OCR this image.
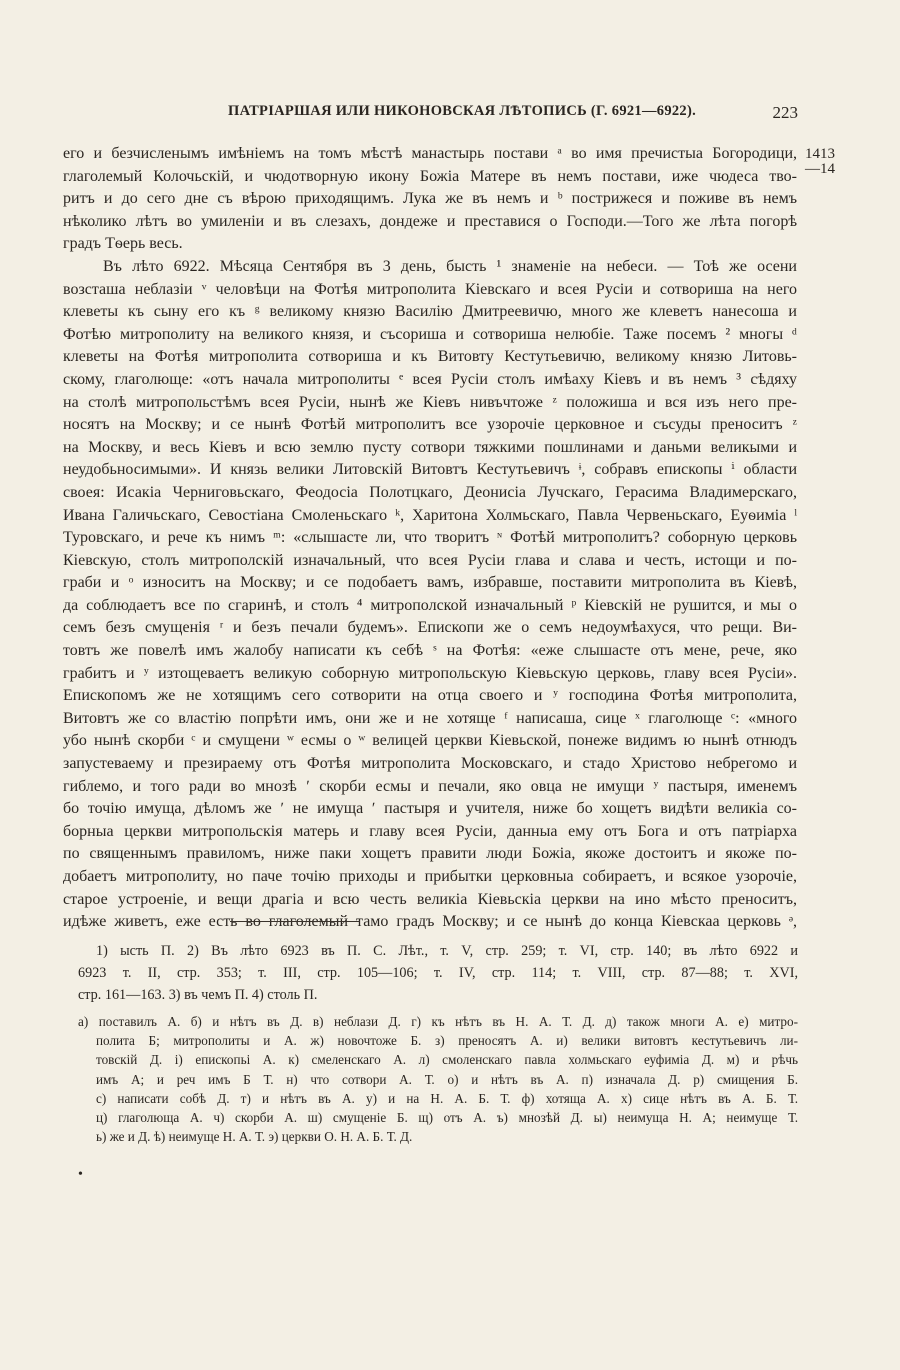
ПАТРІАРШАЯ ИЛИ НИКОНОВСКАЯ ЛѢТОПИСЬ (Г. 6921—6922).	223
1413
—14
его и безчисленымъ имѣніемъ на томъ мѣстѣ манастырь постави ᵃ во имя пречистыа Богородици,
глаголемый Колочьскій, и чюдотворную икону Божіа Матере въ немъ постави, иже чюдеса тво-
ритъ и до сего дне съ вѣрою приходящимъ. Лука же въ немъ и ᵇ пострижеся и поживе въ немъ
нѣколико лѣтъ во умиленіи и въ слезахъ, дондеже и преставися о Господи.—Того же лѣта погорѣ
градъ Тѳерь весь.
Въ лѣто 6922. Мѣсяца Сентября въ 3 день, бысть ¹ знаменіе на небеси. — Тоѣ же осени
возсташа неблазіи ᵛ человѣци на Фотѣя митрополита Кіевскаго и всея Русіи и сотвориша на него
клеветы къ сыну его къ ᵍ великому князю Василію Дмитреевичю, много же клеветъ нанесоша и
Фотѣю митрополиту на великого князя, и съсориша и сотвориша нелюбіе. Таже посемъ ² многы ᵈ
клеветы на Фотѣя митрополита сотвориша и къ Витовту Кестутьевичю, великому князю Литовь-
скому, глаголюще: «отъ начала митрополиты ᵉ всея Русіи столъ имѣаху Кіевъ и въ немъ ³ сѣдяху
на столѣ митропольстѣмъ всея Русіи, нынѣ же Кіевъ нивъчтоже ᶻ положиша и вся изъ него пре-
носятъ на Москву; и се нынѣ Фотѣй митрополитъ все узорочіе церковное и съсуды преноситъ ᶻ
на Москву, и весь Кіевъ и всю землю пусту сотвори тяжкими пошлинами и даньми великыми и
неудобьносимыми». И князь велики Литовскій Витовтъ Кестутьевичъ ᶤ, собравъ епископы ⁱ области
своея: Исакіа Черниговьскаго, Феодосіа Полотцкаго, Деонисіа Лучскаго, Герасима Владимерскаго,
Ивана Галичьскаго, Севостіана Смоленьскаго ᵏ, Харитона Холмьскаго, Павла Червеньскаго, Еуѳиміа ˡ
Туровскаго, и рече къ нимъ ᵐ: «слышасте ли, что творитъ ᶰ Фотѣй митрополитъ? соборную церковь
Кіевскую, столъ митрополскій изначальный, что всея Русіи глава и слава и честь, истощи и по-
граби и ᵒ износитъ на Москву; и се подобаетъ вамъ, избравше, поставити митрополита въ Кіевѣ,
да соблюдаетъ все по сгаринѣ, и столъ ⁴ митрополской изначальный ᵖ Кіевскій не рушится, и мы о
семъ безъ смущенія ʳ и безъ печали будемъ». Епископи же о семъ недоумѣахуся, что рещи. Ви-
товтъ же повелѣ имъ жалобу написати къ себѣ ˢ на Фотѣя: «еже слышасте отъ мене, рече, яко
грабитъ и ʸ изтощеваетъ великую соборную митропольскую Кіевьскую церковь, главу всея Русіи».
Епископомъ же не хотящимъ сего сотворити на отца своего и ʸ господина Фотѣя митрополита,
Витовтъ же со властію попрѣти имъ, они же и не хотяще ᶠ написаша, сице ˣ глаголюще ᶜ: «много
убо нынѣ скорби ᶜ и смущени ʷ есмы о ʷ велицей церкви Кіевьской, понеже видимъ ю нынѣ отнюдъ
запустеваему и презираему отъ Фотѣя митрополита Московскаго, и стадо Христово небрегомо и
гиблемо, и того ради во мнозѣ ʹ скорби есмы и печали, яко овца не имущи ʸ пастыря, именемъ
бо точію имуща, дѣломъ же ʹ не имуща ʹ пастыря и учителя, ниже бо хощетъ видѣти великіа со-
борныа церкви митропольскія матерь и главу всея Русіи, данныа ему отъ Бога и отъ патріарха
по священнымъ правиломъ, ниже паки хощетъ правити люди Божіа, якоже достоитъ и якоже по-
добаетъ митрополиту, но паче точію приходы и прибытки церковныа собираетъ, и всякое узорочіе,
старое устроеніе, и вещи драгіа и всю честь великіа Кіевьскіа церкви на ино мѣсто преноситъ,
идѣже живетъ, еже есть во глаголемый тамо градъ Москву; и се нынѣ до конца Кіевскаа церковь ᵊ,
1) ысть П. 2) Въ лѣто 6923 въ П. С. Лѣт., т. V, стр. 259; т. VI, стр. 140; въ лѣто 6922 и
6923 т. II, стр. 353; т. III, стр. 105—106; т. IV, стр. 114; т. VIII, стр. 87—88; т. XVI,
стр. 161—163. 3) въ чемъ П. 4) столь П.
а) поставилъ А. б) и нѣтъ въ Д. в) неблази Д. г) къ нѣтъ въ Н. А. Т. Д. д) також многи А. е) митро-
полита Б; митрополиты и А. ж) новочтоже Б. з) преносятъ А. и) велики витовтъ кестутьевичъ ли-
товскій Д. і) епископьі А. к) смеленскаго А. л) смоленскаго павла холмьскаго еуфиміа Д. м) и рѣчь
имъ А; и реч имъ Б Т. н) что сотвори А. Т. о) и нѣтъ въ А. п) изначала Д. р) смищения Б.
с) написати собѣ Д. т) и нѣтъ въ А. у) и на Н. А. Б. Т. ф) хотяща А. х) сице нѣтъ въ А. Б. Т.
ц) глаголюща А. ч) скорби А. ш) смущеніе Б. щ) отъ А. ъ) мнозѣй Д. ы) неимуща Н. А; неимуще Т.
ь) же и Д. ѣ) неимуще Н. А. Т. э) церкви О. Н. А. Б. Т. Д.
•
